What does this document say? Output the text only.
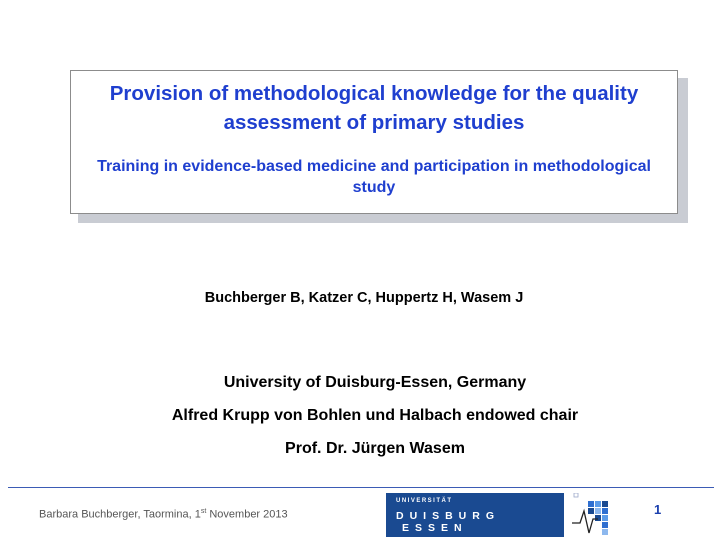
Provision of methodological knowledge for the quality assessment of primary studies
Training in evidence-based medicine and participation in methodological study
Buchberger B, Katzer C, Huppertz H, Wasem J
University of Duisburg-Essen, Germany
Alfred Krupp von Bohlen und Halbach endowed chair
Prof. Dr. Jürgen Wasem
Barbara Buchberger, Taormina, 1st November 2013
UNIVERSITÄT
DUISBURG
ESSEN
1
